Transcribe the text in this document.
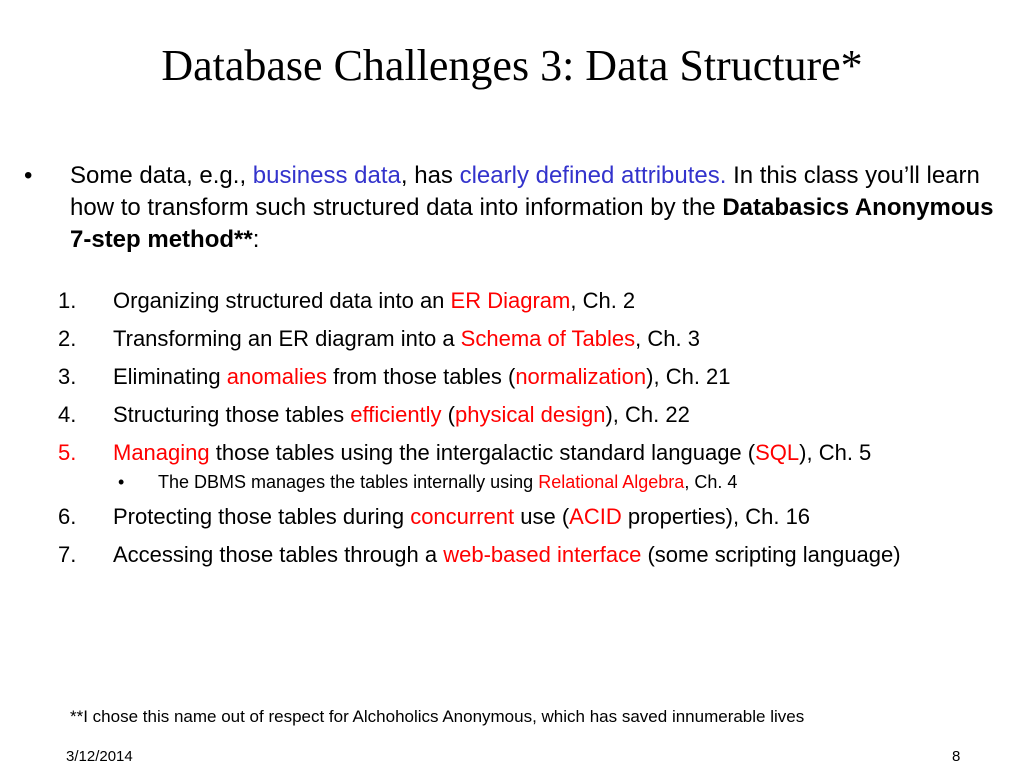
Database Challenges 3: Data Structure*
• Some data, e.g., business data, has clearly defined attributes. In this class you’ll learn how to transform such structured data into information by the Databasics Anonymous 7-step method**:
1. Organizing structured data into an ER Diagram, Ch. 2
2. Transforming an ER diagram into a Schema of Tables, Ch. 3
3. Eliminating anomalies from those tables (normalization), Ch. 21
4. Structuring those tables efficiently (physical design), Ch. 22
5. Managing those tables using the intergalactic standard language (SQL), Ch. 5
• The DBMS manages the tables internally using Relational Algebra, Ch. 4
6. Protecting those tables during concurrent use (ACID properties), Ch. 16
7. Accessing those tables through a web-based interface (some scripting language)
**I chose this name out of respect for Alchoholics Anonymous, which has saved innumerable lives
3/12/2014	8
